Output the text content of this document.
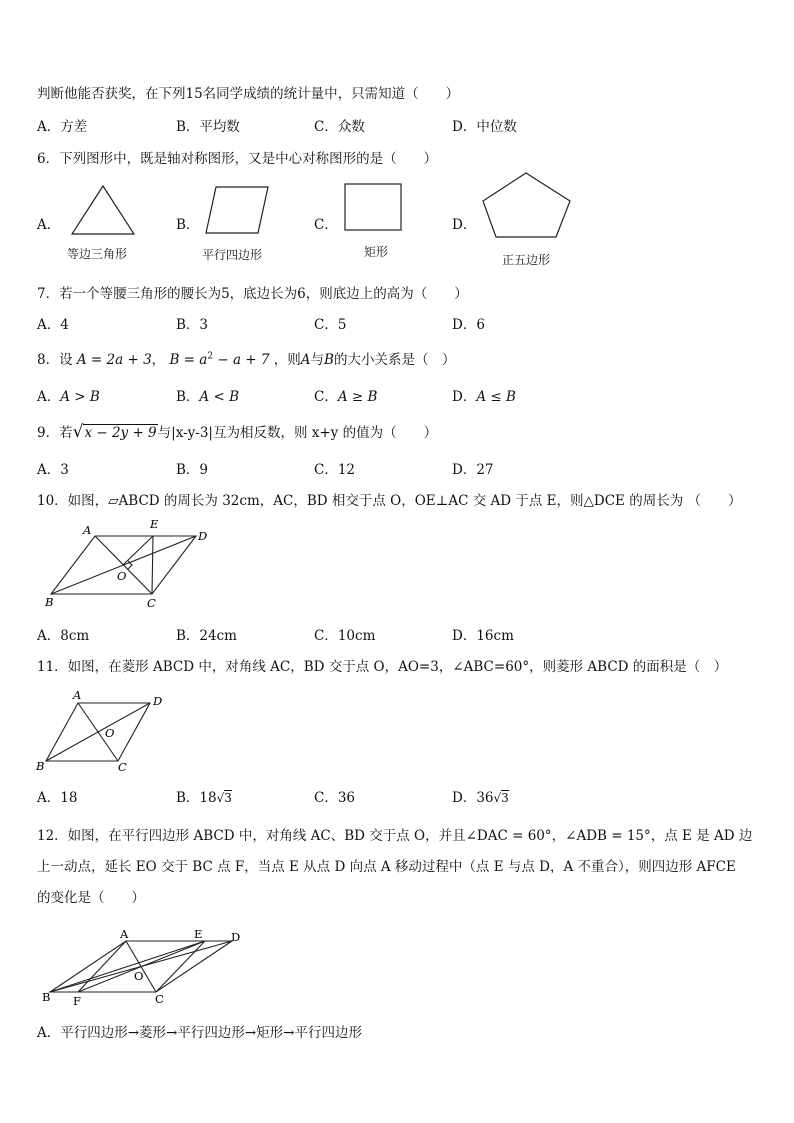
判断他能否获奖，在下列15名同学成绩的统计量中，只需知道（　　）
A．方差	B．平均数	C．众数	D．中位数
6．下列图形中，既是轴对称图形，又是中心对称图形的是（　　）
A．	B．	C．	D．
等边三角形	平行四边形	矩形
正五边形
7．若一个等腰三角形的腰长为5，底边长为6，则底边上的高为（　　）
A．4	B．3	C．5	D．6
8．设 A = 2a + 3， $B = a^2 - a + 7$ ，则A与B的大小关系是（　）
A．A > B	B．A < B	C．A ≥ B	D．A ≤ B
9．若√x − 2y + 9与|x-y-3|互为相反数，则 x+y 的值为（　　）
A．3	B．9	C．12	D．27
10．如图，▱ABCD 的周长为 32cm，AC，BD 相交于点 O，OE⊥AC 交 AD 于点 E，则△DCE 的周长为 （　　）
A	E
D
O
B	C
A．8cm	B．24cm	C．10cm	D．16cm
11．如图，在菱形 ABCD 中，对角线 AC，BD 交于点 O，AO=3，∠ABC=60°，则菱形 ABCD 的面积是（　）
A	D
O
B	C
A．18	B．18√3	C．36	D．36√3
12．如图，在平行四边形 ABCD 中，对角线 AC、BD 交于点 O，并且∠DAC = 60°，∠ADB = 15°，点 E 是 AD 边
上一动点，延长 EO 交于 BC 点 F，当点 E 从点 D 向点 A 移动过程中（点 E 与点 D，A 不重合），则四边形 AFCE
的变化是（　　）
A	E D
O
B F	C
A．平行四边形→菱形→平行四边形→矩形→平行四边形
